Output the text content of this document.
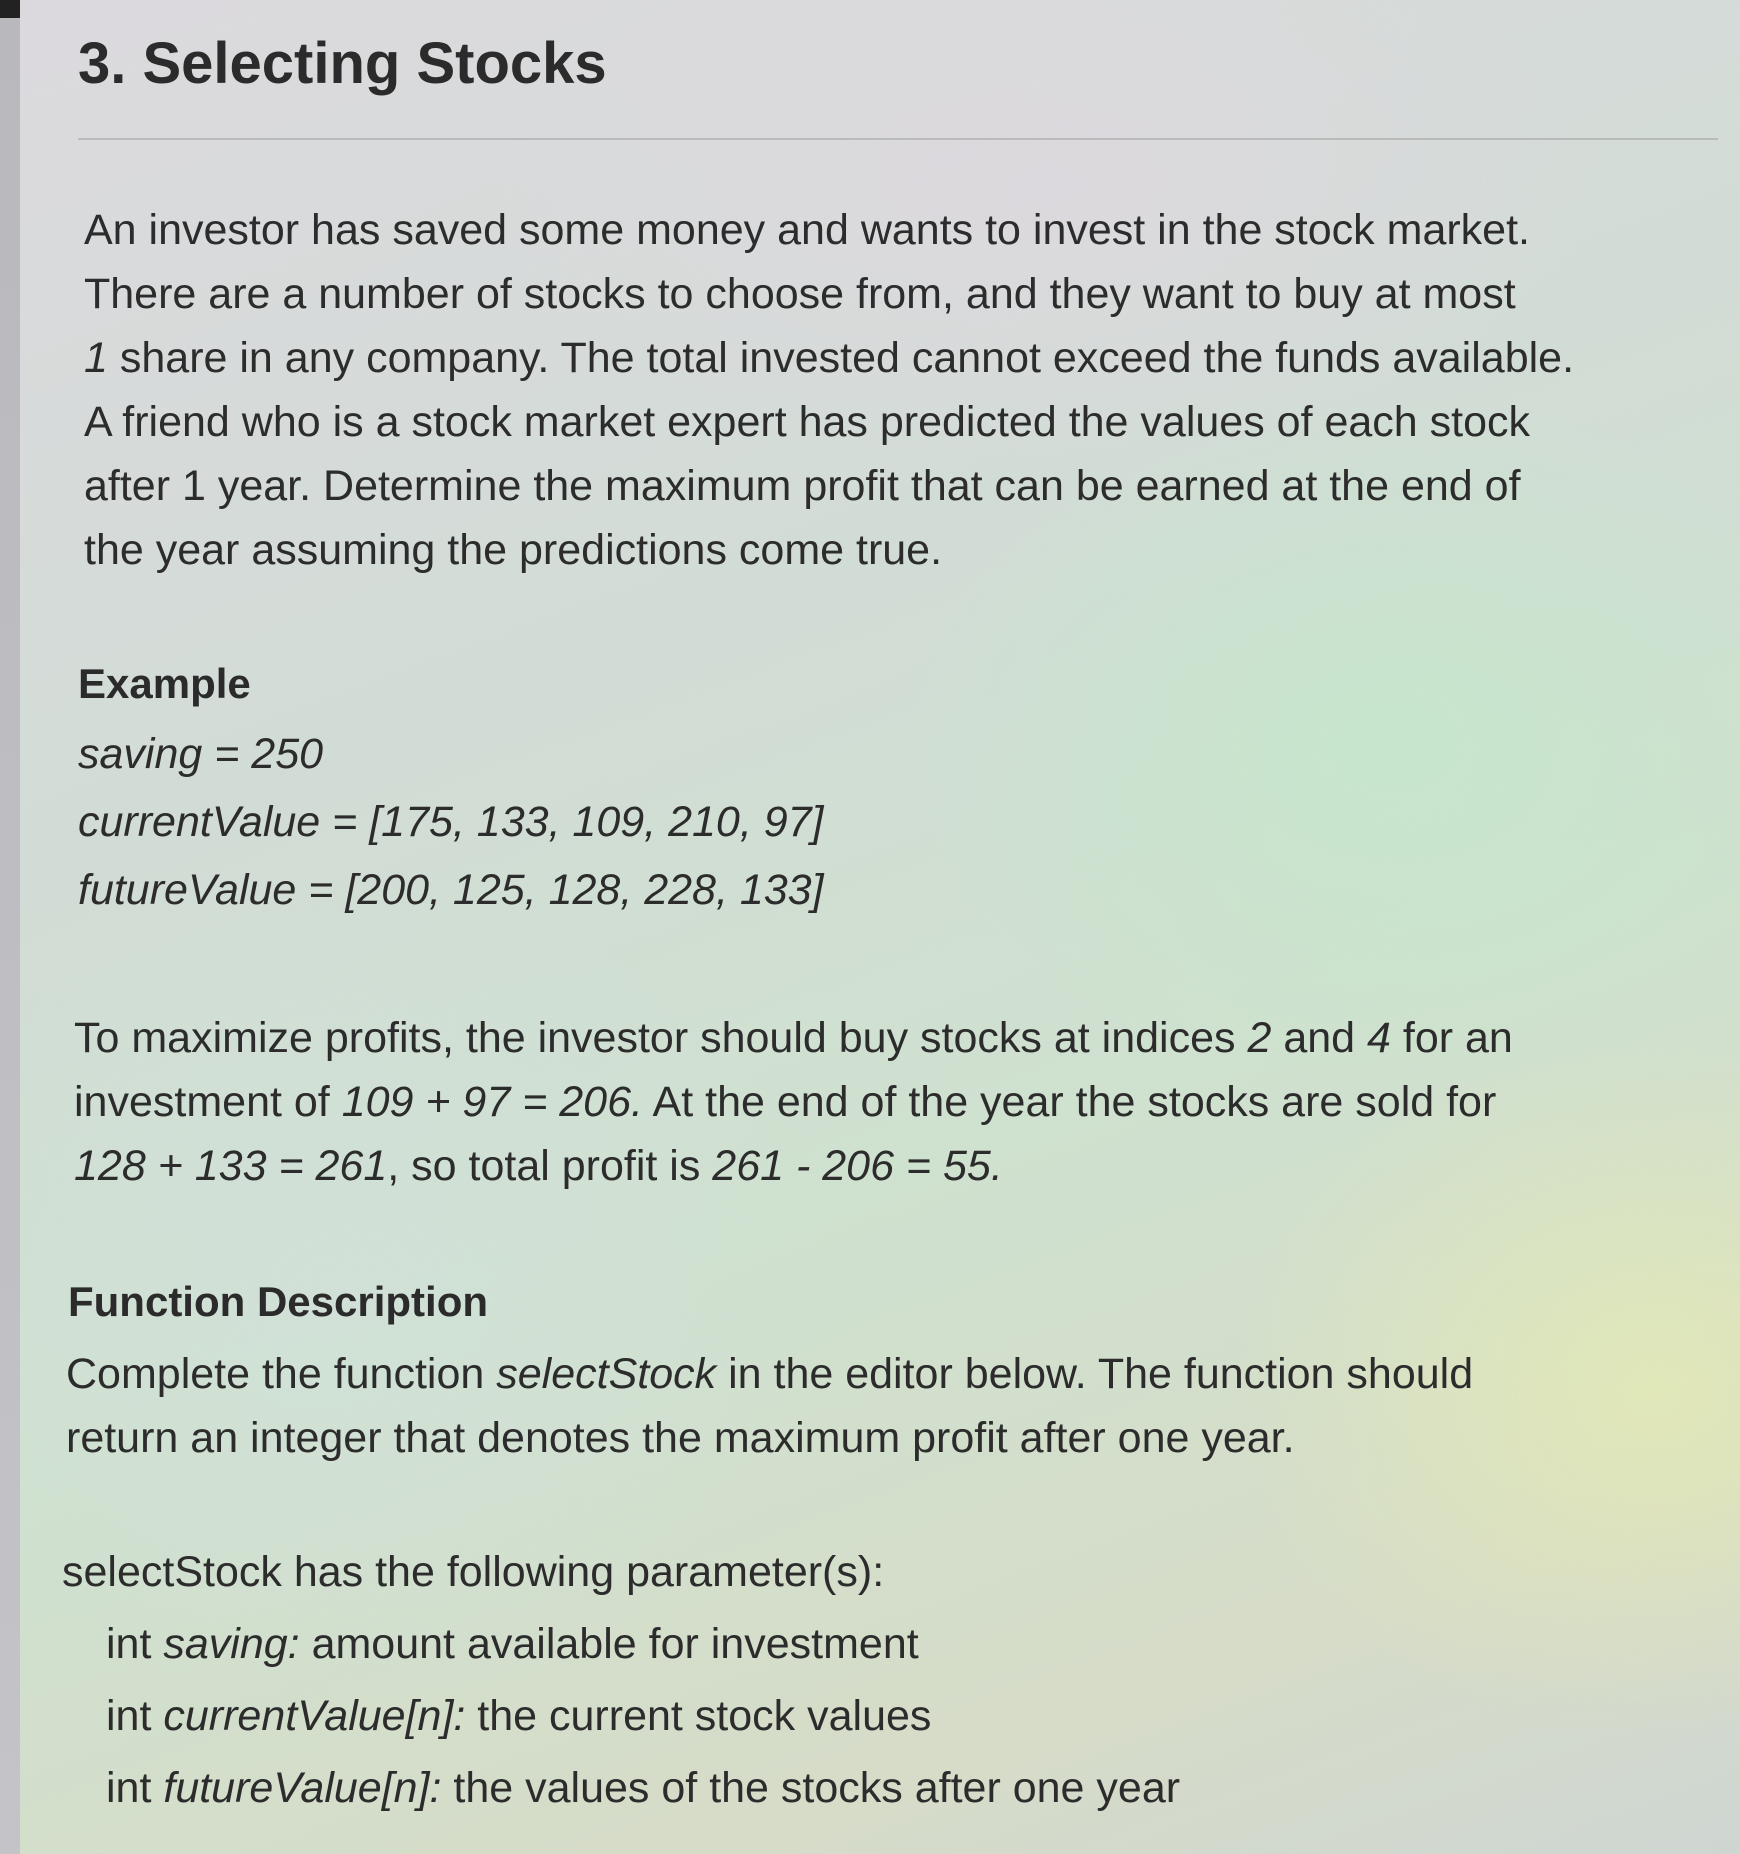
3. Selecting Stocks

An investor has saved some money and wants to invest in the stock market.
There are a number of stocks to choose from, and they want to buy at most
1 share in any company. The total invested cannot exceed the funds available.
A friend who is a stock market expert has predicted the values of each stock
after 1 year. Determine the maximum profit that can be earned at the end of
the year assuming the predictions come true.

Example
saving = 250
currentValue = [175, 133, 109, 210, 97]
futureValue = [200, 125, 128, 228, 133]

To maximize profits, the investor should buy stocks at indices 2 and 4 for an
investment of 109 + 97 = 206. At the end of the year the stocks are sold for
128 + 133 = 261, so total profit is 261 - 206 = 55.

Function Description

Complete the function selectStock in the editor below. The function should
return an integer that denotes the maximum profit after one year.

selectStock has the following parameter(s):
int saving: amount available for investment
int currentValue[n]: the current stock values
int futureValue[n]: the values of the stocks after one year
